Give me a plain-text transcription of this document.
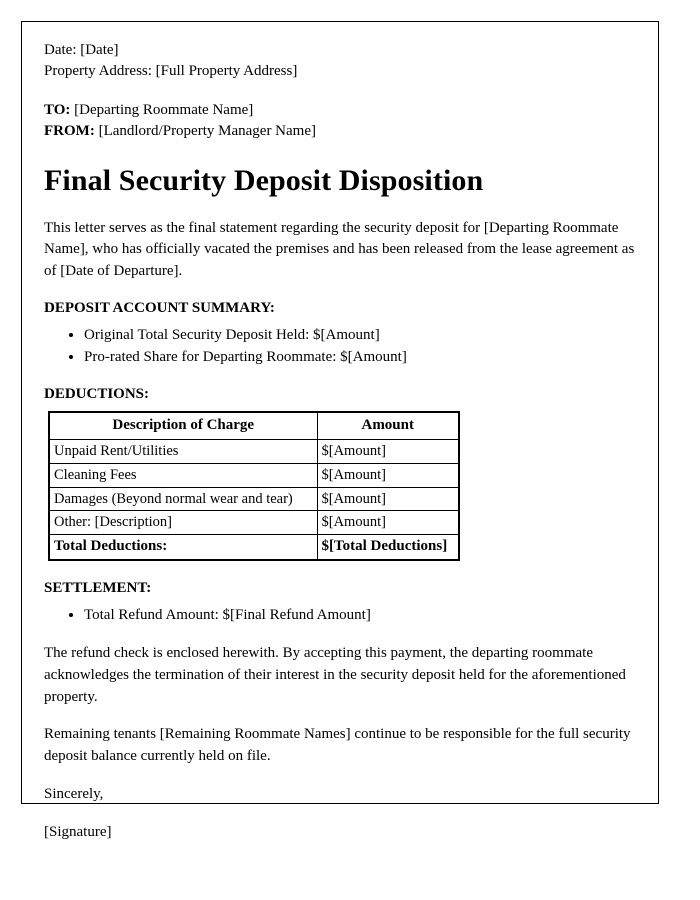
Date: [Date]
Property Address: [Full Property Address]
TO: [Departing Roommate Name]
FROM: [Landlord/Property Manager Name]
Final Security Deposit Disposition

This letter serves as the final statement regarding the security deposit for [Departing Roommate Name], who has officially vacated the premises and has been released from the lease agreement as of [Date of Departure].

DEPOSIT ACCOUNT SUMMARY:
• Original Total Security Deposit Held: $[Amount]
• Pro-rated Share for Departing Roommate: $[Amount]
DEDUCTIONS:
Description of Charge	Amount
Unpaid Rent/Utilities	$[Amount]
Cleaning Fees	$[Amount]
Damages (Beyond normal wear and tear)	$[Amount]
Other: [Description]	$[Amount]
Total Deductions:	$[Total Deductions]
SETTLEMENT:
• Total Refund Amount: $[Final Refund Amount]

The refund check is enclosed herewith. By accepting this payment, the departing roommate acknowledges the termination of their interest in the security deposit held for the aforementioned property.

Remaining tenants [Remaining Roommate Names] continue to be responsible for the full security deposit balance currently held on file.

Sincerely,

[Signature]
